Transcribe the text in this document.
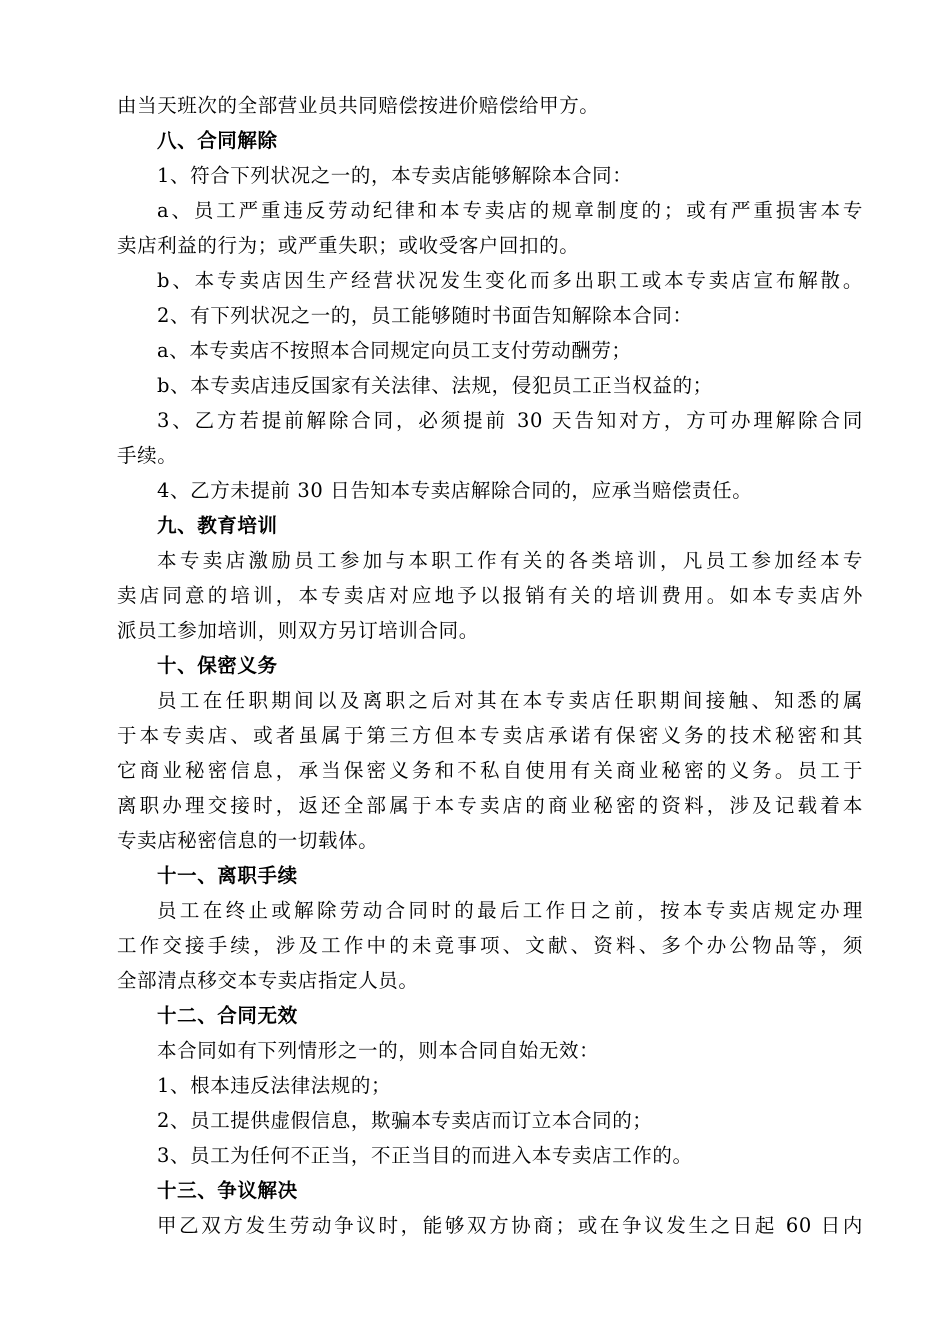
由当天班次的全部营业员共同赔偿按进价赔偿给甲方。
八、合同解除
1、符合下列状况之一的，本专卖店能够解除本合同：
a、员工严重违反劳动纪律和本专卖店的规章制度的；或有严重损害本专
卖店利益的行为；或严重失职；或收受客户回扣的。
b、本专卖店因生产经营状况发生变化而多出职工或本专卖店宣布解散。
2、有下列状况之一的，员工能够随时书面告知解除本合同：
a、本专卖店不按照本合同规定向员工支付劳动酬劳；
b、本专卖店违反国家有关法律、法规，侵犯员工正当权益的；
3、乙方若提前解除合同，必须提前 30 天告知对方，方可办理解除合同
手续。
4、乙方未提前 30 日告知本专卖店解除合同的，应承当赔偿责任。
九、教育培训
本专卖店激励员工参加与本职工作有关的各类培训，凡员工参加经本专
卖店同意的培训，本专卖店对应地予以报销有关的培训费用。如本专卖店外
派员工参加培训，则双方另订培训合同。
十、保密义务
员工在任职期间以及离职之后对其在本专卖店任职期间接触、知悉的属
于本专卖店、或者虽属于第三方但本专卖店承诺有保密义务的技术秘密和其
它商业秘密信息，承当保密义务和不私自使用有关商业秘密的义务。员工于
离职办理交接时，返还全部属于本专卖店的商业秘密的资料，涉及记载着本
专卖店秘密信息的一切载体。
十一、离职手续
员工在终止或解除劳动合同时的最后工作日之前，按本专卖店规定办理
工作交接手续，涉及工作中的未竟事项、文献、资料、多个办公物品等，须
全部清点移交本专卖店指定人员。
十二、合同无效
本合同如有下列情形之一的，则本合同自始无效：
1、根本违反法律法规的；
2、员工提供虚假信息，欺骗本专卖店而订立本合同的；
3、员工为任何不正当，不正当目的而进入本专卖店工作的。
十三、争议解决
甲乙双方发生劳动争议时，能够双方协商；或在争议发生之日起 60 日内
